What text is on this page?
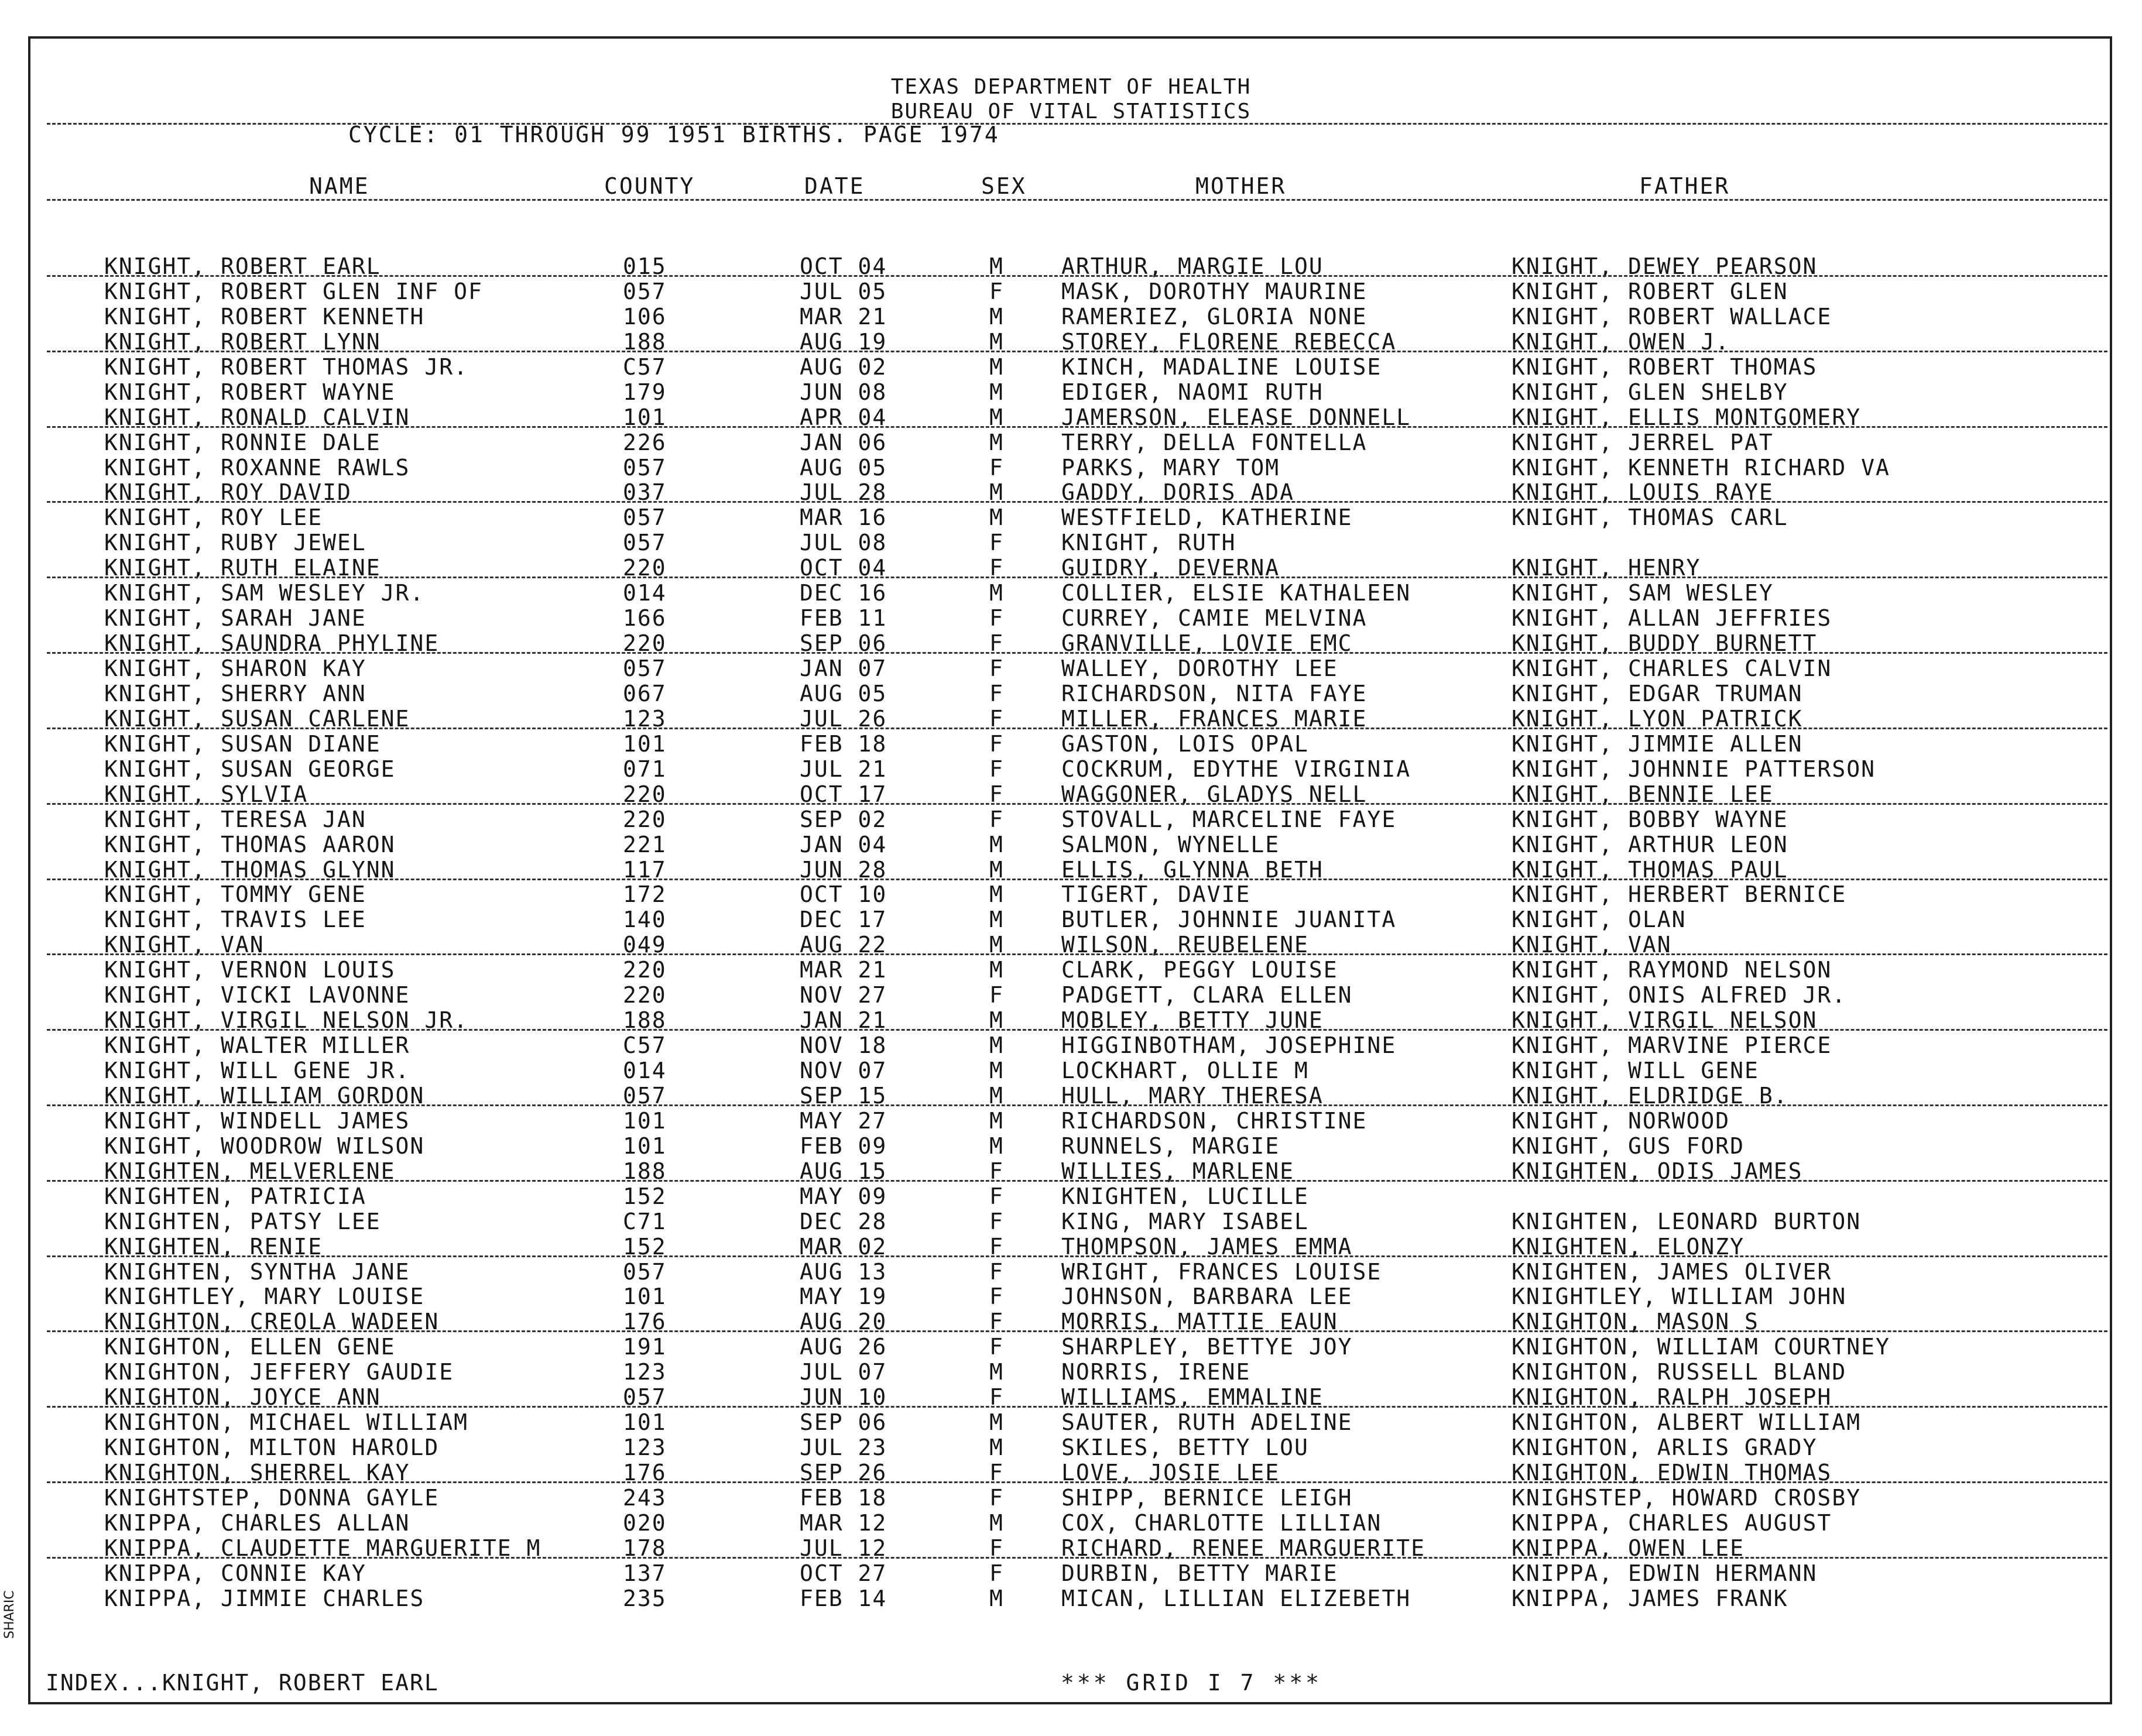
TEXAS DEPARTMENT OF HEALTH
BUREAU OF VITAL STATISTICS
CYCLE: 01 THROUGH 99 1951 BIRTHS. PAGE 1974
NAME	COUNTY	DATE	SEX	MOTHER	FATHER
KNIGHT, ROBERT EARL	015	OCT 04	M	ARTHUR, MARGIE LOU	KNIGHT, DEWEY PEARSON
KNIGHT, ROBERT GLEN INF OF	057	JUL 05	F	MASK, DOROTHY MAURINE	KNIGHT, ROBERT GLEN
KNIGHT, ROBERT KENNETH	106	MAR 21	M	RAMERIEZ, GLORIA NONE	KNIGHT, ROBERT WALLACE
KNIGHT, ROBERT LYNN	188	AUG 19	M	STOREY, FLORENE REBECCA	KNIGHT, OWEN J.
KNIGHT, ROBERT THOMAS JR.	C57	AUG 02	M	KINCH, MADALINE LOUISE	KNIGHT, ROBERT THOMAS
KNIGHT, ROBERT WAYNE	179	JUN 08	M	EDIGER, NAOMI RUTH	KNIGHT, GLEN SHELBY
KNIGHT, RONALD CALVIN	101	APR 04	M	JAMERSON, ELEASE DONNELL	KNIGHT, ELLIS MONTGOMERY
KNIGHT, RONNIE DALE	226	JAN 06	M	TERRY, DELLA FONTELLA	KNIGHT, JERREL PAT
KNIGHT, ROXANNE RAWLS	057	AUG 05	F	PARKS, MARY TOM	KNIGHT, KENNETH RICHARD VA
KNIGHT, ROY DAVID	037	JUL 28	M	GADDY, DORIS ADA	KNIGHT, LOUIS RAYE
KNIGHT, ROY LEE	057	MAR 16	M	WESTFIELD, KATHERINE	KNIGHT, THOMAS CARL
KNIGHT, RUBY JEWEL	057	JUL 08	F	KNIGHT, RUTH
KNIGHT, RUTH ELAINE	220	OCT 04	F	GUIDRY, DEVERNA	KNIGHT, HENRY
KNIGHT, SAM WESLEY JR.	014	DEC 16	M	COLLIER, ELSIE KATHALEEN	KNIGHT, SAM WESLEY
KNIGHT, SARAH JANE	166	FEB 11	F	CURREY, CAMIE MELVINA	KNIGHT, ALLAN JEFFRIES
KNIGHT, SAUNDRA PHYLINE	220	SEP 06	F	GRANVILLE, LOVIE EMC	KNIGHT, BUDDY BURNETT
KNIGHT, SHARON KAY	057	JAN 07	F	WALLEY, DOROTHY LEE	KNIGHT, CHARLES CALVIN
KNIGHT, SHERRY ANN	067	AUG 05	F	RICHARDSON, NITA FAYE	KNIGHT, EDGAR TRUMAN
KNIGHT, SUSAN CARLENE	123	JUL 26	F	MILLER, FRANCES MARIE	KNIGHT, LYON PATRICK
KNIGHT, SUSAN DIANE	101	FEB 18	F	GASTON, LOIS OPAL	KNIGHT, JIMMIE ALLEN
KNIGHT, SUSAN GEORGE	071	JUL 21	F	COCKRUM, EDYTHE VIRGINIA	KNIGHT, JOHNNIE PATTERSON
KNIGHT, SYLVIA	220	OCT 17	F	WAGGONER, GLADYS NELL	KNIGHT, BENNIE LEE
KNIGHT, TERESA JAN	220	SEP 02	F	STOVALL, MARCELINE FAYE	KNIGHT, BOBBY WAYNE
KNIGHT, THOMAS AARON	221	JAN 04	M	SALMON, WYNELLE	KNIGHT, ARTHUR LEON
KNIGHT, THOMAS GLYNN	117	JUN 28	M	ELLIS, GLYNNA BETH	KNIGHT, THOMAS PAUL
KNIGHT, TOMMY GENE	172	OCT 10	M	TIGERT, DAVIE	KNIGHT, HERBERT BERNICE
KNIGHT, TRAVIS LEE	140	DEC 17	M	BUTLER, JOHNNIE JUANITA	KNIGHT, OLAN
KNIGHT, VAN	049	AUG 22	M	WILSON, REUBELENE	KNIGHT, VAN
KNIGHT, VERNON LOUIS	220	MAR 21	M	CLARK, PEGGY LOUISE	KNIGHT, RAYMOND NELSON
KNIGHT, VICKI LAVONNE	220	NOV 27	F	PADGETT, CLARA ELLEN	KNIGHT, ONIS ALFRED JR.
KNIGHT, VIRGIL NELSON JR.	188	JAN 21	M	MOBLEY, BETTY JUNE	KNIGHT, VIRGIL NELSON
KNIGHT, WALTER MILLER	C57	NOV 18	M	HIGGINBOTHAM, JOSEPHINE	KNIGHT, MARVINE PIERCE
KNIGHT, WILL GENE JR.	014	NOV 07	M	LOCKHART, OLLIE M	KNIGHT, WILL GENE
KNIGHT, WILLIAM GORDON	057	SEP 15	M	HULL, MARY THERESA	KNIGHT, ELDRIDGE B.
KNIGHT, WINDELL JAMES	101	MAY 27	M	RICHARDSON, CHRISTINE	KNIGHT, NORWOOD
KNIGHT, WOODROW WILSON	101	FEB 09	M	RUNNELS, MARGIE	KNIGHT, GUS FORD
KNIGHTEN, MELVERLENE	188	AUG 15	F	WILLIES, MARLENE	KNIGHTEN, ODIS JAMES
KNIGHTEN, PATRICIA	152	MAY 09	F	KNIGHTEN, LUCILLE
KNIGHTEN, PATSY LEE	C71	DEC 28	F	KING, MARY ISABEL	KNIGHTEN, LEONARD BURTON
KNIGHTEN, RENIE	152	MAR 02	F	THOMPSON, JAMES EMMA	KNIGHTEN, ELONZY
KNIGHTEN, SYNTHA JANE	057	AUG 13	F	WRIGHT, FRANCES LOUISE	KNIGHTEN, JAMES OLIVER
KNIGHTLEY, MARY LOUISE	101	MAY 19	F	JOHNSON, BARBARA LEE	KNIGHTLEY, WILLIAM JOHN
KNIGHTON, CREOLA WADEEN	176	AUG 20	F	MORRIS, MATTIE EAUN	KNIGHTON, MASON S
KNIGHTON, ELLEN GENE	191	AUG 26	F	SHARPLEY, BETTYE JOY	KNIGHTON, WILLIAM COURTNEY
KNIGHTON, JEFFERY GAUDIE	123	JUL 07	M	NORRIS, IRENE	KNIGHTON, RUSSELL BLAND
KNIGHTON, JOYCE ANN	057	JUN 10	F	WILLIAMS, EMMALINE	KNIGHTON, RALPH JOSEPH
KNIGHTON, MICHAEL WILLIAM	101	SEP 06	M	SAUTER, RUTH ADELINE	KNIGHTON, ALBERT WILLIAM
KNIGHTON, MILTON HAROLD	123	JUL 23	M	SKILES, BETTY LOU	KNIGHTON, ARLIS GRADY
KNIGHTON, SHERREL KAY	176	SEP 26	F	LOVE, JOSIE LEE	KNIGHTON, EDWIN THOMAS
KNIGHTSTEP, DONNA GAYLE	243	FEB 18	F	SHIPP, BERNICE LEIGH	KNIGHSTEP, HOWARD CROSBY
KNIPPA, CHARLES ALLAN	020	MAR 12	M	COX, CHARLOTTE LILLIAN	KNIPPA, CHARLES AUGUST
KNIPPA, CLAUDETTE MARGUERITE M	178	JUL 12	F	RICHARD, RENEE MARGUERITE	KNIPPA, OWEN LEE
KNIPPA, CONNIE KAY	137	OCT 27	F	DURBIN, BETTY MARIE	KNIPPA, EDWIN HERMANN
KNIPPA, JIMMIE CHARLES	235	FEB 14	M	MICAN, LILLIAN ELIZEBETH	KNIPPA, JAMES FRANK
INDEX...KNIGHT, ROBERT EARL	*** GRID I 7 ***
SHARIC
